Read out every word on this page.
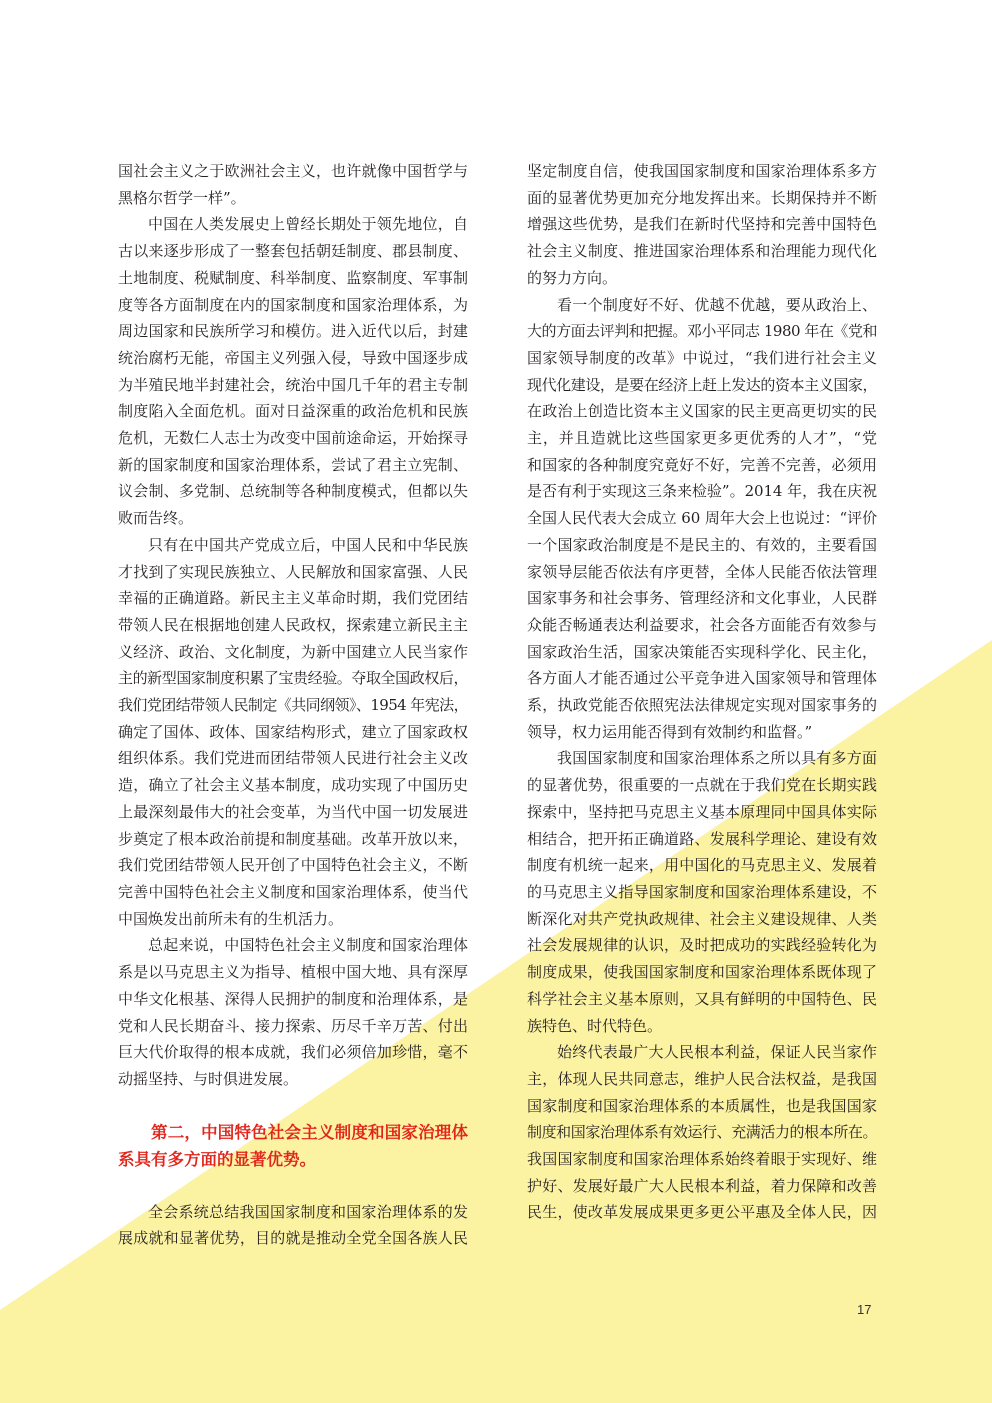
国社会主义之于欧洲社会主义，也许就像中国哲学与
黑格尔哲学一样”。
中国在人类发展史上曾经长期处于领先地位，自
古以来逐步形成了一整套包括朝廷制度、郡县制度、
土地制度、税赋制度、科举制度、监察制度、军事制
度等各方面制度在内的国家制度和国家治理体系，为
周边国家和民族所学习和模仿。进入近代以后，封建
统治腐朽无能，帝国主义列强入侵，导致中国逐步成
为半殖民地半封建社会，统治中国几千年的君主专制
制度陷入全面危机。面对日益深重的政治危机和民族
危机，无数仁人志士为改变中国前途命运，开始探寻
新的国家制度和国家治理体系，尝试了君主立宪制、
议会制、多党制、总统制等各种制度模式，但都以失
败而告终。
只有在中国共产党成立后，中国人民和中华民族
才找到了实现民族独立、人民解放和国家富强、人民
幸福的正确道路。新民主主义革命时期，我们党团结
带领人民在根据地创建人民政权，探索建立新民主主
义经济、政治、文化制度，为新中国建立人民当家作
主的新型国家制度积累了宝贵经验。夺取全国政权后，
我们党团结带领人民制定《共同纲领》、1954 年宪法，
确定了国体、政体、国家结构形式，建立了国家政权
组织体系。我们党进而团结带领人民进行社会主义改
造，确立了社会主义基本制度，成功实现了中国历史
上最深刻最伟大的社会变革，为当代中国一切发展进
步奠定了根本政治前提和制度基础。改革开放以来，
我们党团结带领人民开创了中国特色社会主义，不断
完善中国特色社会主义制度和国家治理体系，使当代
中国焕发出前所未有的生机活力。
总起来说，中国特色社会主义制度和国家治理体
系是以马克思主义为指导、植根中国大地、具有深厚
中华文化根基、深得人民拥护的制度和治理体系，是
党和人民长期奋斗、接力探索、历尽千辛万苦、付出
巨大代价取得的根本成就，我们必须倍加珍惜，毫不
动摇坚持、与时俱进发展。
第二，中国特色社会主义制度和国家治理体
系具有多方面的显著优势。
全会系统总结我国国家制度和国家治理体系的发
展成就和显著优势，目的就是推动全党全国各族人民
坚定制度自信，使我国国家制度和国家治理体系多方
面的显著优势更加充分地发挥出来。长期保持并不断
增强这些优势，是我们在新时代坚持和完善中国特色
社会主义制度、推进国家治理体系和治理能力现代化
的努力方向。
看一个制度好不好、优越不优越，要从政治上、
大的方面去评判和把握。邓小平同志 1980 年在《党和
国家领导制度的改革》中说过，“我们进行社会主义
现代化建设，是要在经济上赶上发达的资本主义国家，
在政治上创造比资本主义国家的民主更高更切实的民
主，并且造就比这些国家更多更优秀的人才”，“党
和国家的各种制度究竟好不好，完善不完善，必须用
是否有利于实现这三条来检验”。2014 年，我在庆祝
全国人民代表大会成立 60 周年大会上也说过：“评价
一个国家政治制度是不是民主的、有效的，主要看国
家领导层能否依法有序更替，全体人民能否依法管理
国家事务和社会事务、管理经济和文化事业，人民群
众能否畅通表达利益要求，社会各方面能否有效参与
国家政治生活，国家决策能否实现科学化、民主化，
各方面人才能否通过公平竞争进入国家领导和管理体
系，执政党能否依照宪法法律规定实现对国家事务的
领导，权力运用能否得到有效制约和监督。”
我国国家制度和国家治理体系之所以具有多方面
的显著优势，很重要的一点就在于我们党在长期实践
探索中，坚持把马克思主义基本原理同中国具体实际
相结合，把开拓正确道路、发展科学理论、建设有效
制度有机统一起来，用中国化的马克思主义、发展着
的马克思主义指导国家制度和国家治理体系建设，不
断深化对共产党执政规律、社会主义建设规律、人类
社会发展规律的认识，及时把成功的实践经验转化为
制度成果，使我国国家制度和国家治理体系既体现了
科学社会主义基本原则，又具有鲜明的中国特色、民
族特色、时代特色。
始终代表最广大人民根本利益，保证人民当家作
主，体现人民共同意志，维护人民合法权益，是我国
国家制度和国家治理体系的本质属性，也是我国国家
制度和国家治理体系有效运行、充满活力的根本所在。
我国国家制度和国家治理体系始终着眼于实现好、维
护好、发展好最广大人民根本利益，着力保障和改善
民生，使改革发展成果更多更公平惠及全体人民，因
17
